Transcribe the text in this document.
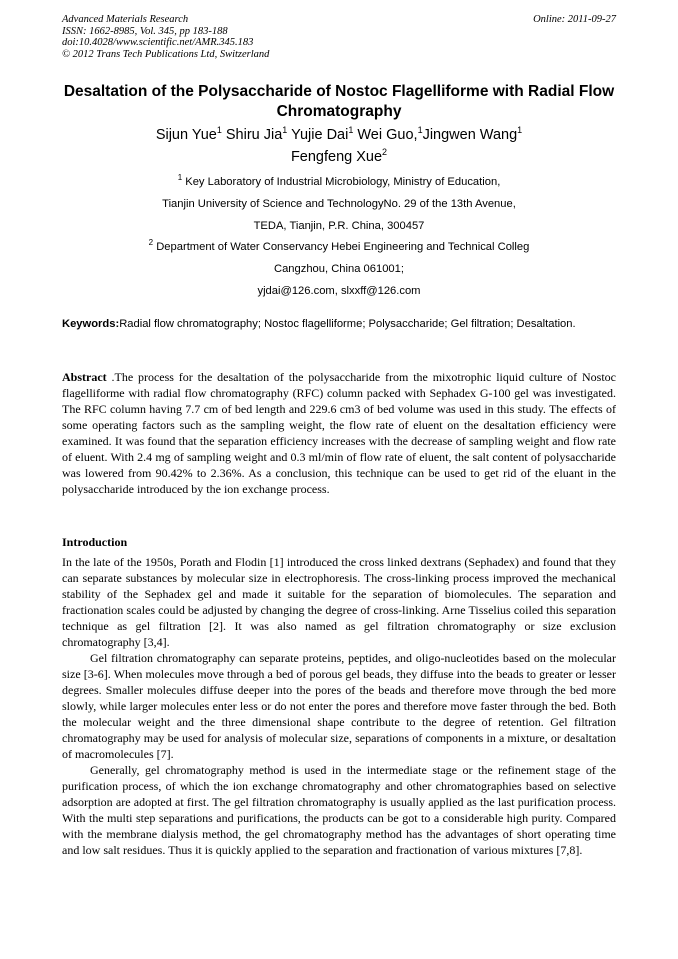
Advanced Materials Research
ISSN: 1662-8985, Vol. 345, pp 183-188
doi:10.4028/www.scientific.net/AMR.345.183
© 2012 Trans Tech Publications Ltd, Switzerland
Online: 2011-09-27
Desaltation of the Polysaccharide of Nostoc Flagelliforme with Radial Flow Chromatography
Sijun Yue$^1$ Shiru Jia$^1$ Yujie Dai$^1$ Wei Guo,$^1$Jingwen Wang$^1$
Fengfeng Xue$^2$
$^1$ Key Laboratory of Industrial Microbiology, Ministry of Education,
Tianjin University of Science and TechnologyNo. 29 of the 13th Avenue,
TEDA, Tianjin, P.R. China, 300457
$^2$ Department of Water Conservancy Hebei Engineering and Technical Colleg
Cangzhou, China 061001;
yjdai@126.com, slxxff@126.com
Keywords:Radial flow chromatography; Nostoc flagelliforme; Polysaccharide; Gel filtration; Desaltation.
Abstract .The process for the desaltation of the polysaccharide from the mixotrophic liquid culture of Nostoc flagelliforme with radial flow chromatography (RFC) column packed with Sephadex G-100 gel was investigated. The RFC column having 7.7 cm of bed length and 229.6 cm3 of bed volume was used in this study. The effects of some operating factors such as the sampling weight, the flow rate of eluent on the desaltation efficiency were examined. It was found that the separation efficiency increases with the decrease of sampling weight and flow rate of eluent. With 2.4 mg of sampling weight and 0.3 ml/min of flow rate of eluent, the salt content of polysaccharide was lowered from 90.42% to 2.36%. As a conclusion, this technique can be used to get rid of the eluant in the polysaccharide introduced by the ion exchange process.
Introduction

In the late of the 1950s, Porath and Flodin [1] introduced the cross linked dextrans (Sephadex) and found that they can separate substances by molecular size in electrophoresis. The cross-linking process improved the mechanical stability of the Sephadex gel and made it suitable for the separation of biomolecules. The separation and fractionation scales could be adjusted by changing the degree of cross-linking. Arne Tisselius coiled this separation technique as gel filtration [2]. It was also named as gel filtration chromatography or size exclusion chromatography [3,4].

Gel filtration chromatography can separate proteins, peptides, and oligo-nucleotides based on the molecular size [3-6]. When molecules move through a bed of porous gel beads, they diffuse into the beads to greater or lesser degrees. Smaller molecules diffuse deeper into the pores of the beads and therefore move through the bed more slowly, while larger molecules enter less or do not enter the pores and therefore move faster through the bed. Both the molecular weight and the three dimensional shape contribute to the degree of retention. Gel filtration chromatography may be used for analysis of molecular size, separations of components in a mixture, or desaltation of macromolecules [7].

Generally, gel chromatography method is used in the intermediate stage or the refinement stage of the purification process, of which the ion exchange chromatography and other chromatographies based on selective adsorption are adopted at first. The gel filtration chromatography is usually applied as the last purification process. With the multi step separations and purifications, the products can be got to a considerable high purity. Compared with the membrane dialysis method, the gel chromatography method has the advantages of short operating time and low salt residues. Thus it is quickly applied to the separation and fractionation of various mixtures [7,8].
